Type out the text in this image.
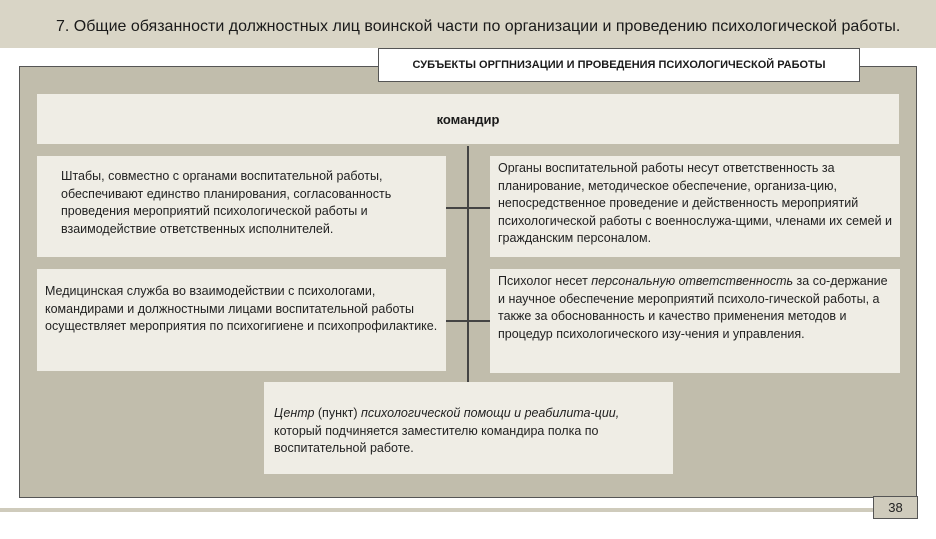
7. Общие обязанности должностных лиц воинской части по организации и проведению психологической работы.
СУБЪЕКТЫ ОРГПНИЗАЦИИ И ПРОВЕДЕНИЯ ПСИХОЛОГИЧЕСКОЙ РАБОТЫ
командир
Штабы, совместно с органами воспитательной работы, обеспечивают единство планирования, согласованность проведения мероприятий психологической работы и взаимодействие ответственных исполнителей.
Медицинская служба во взаимодействии с психологами, командирами и должностными лицами воспитательной работы осуществляет мероприятия по психогигиене и психопрофилактике.
Органы воспитательной работы несут ответственность за планирование, методическое обеспечение, организа-цию, непосредственное проведение и действенность мероприятий психологической работы с военнослужа-щими, членами их семей и гражданским персоналом.
Психолог несет персональную ответственность за со-держание и научное обеспечение мероприятий психоло-гической работы, а также за обоснованность и качество применения методов и процедур психологического изу-чения и управления.
Центр (пункт) психологической помощи и реабилита-ции, который подчиняется заместителю командира полка по воспитательной работе.
38
